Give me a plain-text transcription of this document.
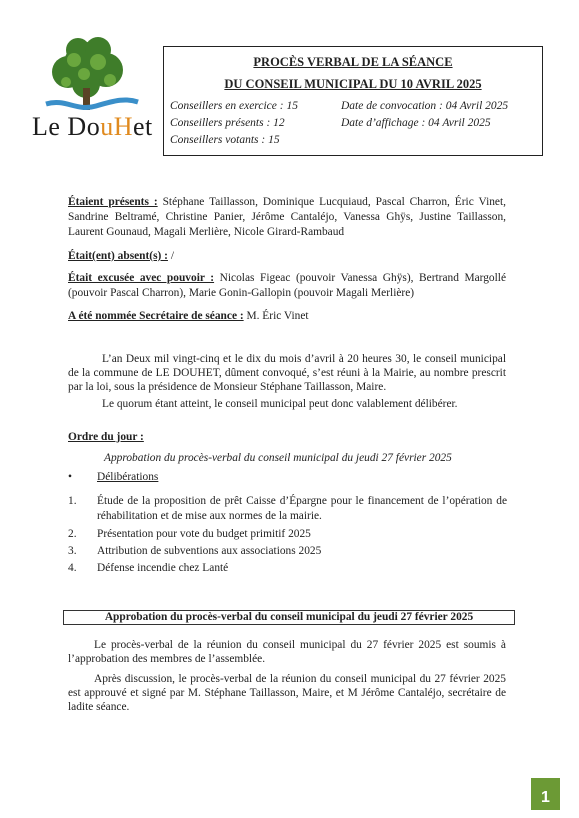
Le DouHet
PROCÈS VERBAL DE LA SÉANCE
DU CONSEIL MUNICIPAL DU 10 AVRIL 2025
Conseillers en exercice : 15
Conseillers présents : 12
Conseillers votants : 15
Date de convocation : 04 Avril 2025
Date d’affichage : 04 Avril 2025
Étaient présents : Stéphane Taillasson, Dominique Lucquiaud, Pascal Charron, Éric Vinet, Sandrine Beltramé, Christine Panier, Jérôme Cantaléjo, Vanessa Ghÿs, Justine Taillasson, Laurent Gounaud, Magali Merlière, Nicole Girard-Rambaud
Était(ent) absent(s) : /
Était excusée avec pouvoir : Nicolas Figeac (pouvoir Vanessa Ghÿs), Bertrand Margollé (pouvoir Pascal Charron), Marie Gonin-Gallopin (pouvoir Magali Merlière)
A été nommée Secrétaire de séance : M. Éric Vinet
L’an Deux mil vingt-cinq et le dix du mois d’avril à 20 heures 30, le conseil municipal de la commune de LE DOUHET, dûment convoqué, s’est réuni à la Mairie, au nombre prescrit par la loi, sous la présidence de Monsieur Stéphane Taillasson, Maire.
Le quorum étant atteint, le conseil municipal peut donc valablement délibérer.
Ordre du jour :
Approbation du procès-verbal du conseil municipal du jeudi 27 février 2025
• Délibérations
1. Étude de la proposition de prêt Caisse d’Épargne pour le financement de l’opération de réhabilitation et de mise aux normes de la mairie.
2. Présentation pour vote du budget primitif 2025
3. Attribution de subventions aux associations 2025
4. Défense incendie chez Lanté
Approbation du procès-verbal du conseil municipal du jeudi 27 février 2025
Le procès-verbal de la réunion du conseil municipal du 27 février 2025 est soumis à l’approbation des membres de l’assemblée.
Après discussion, le procès-verbal de la réunion du conseil municipal du 27 février 2025 est approuvé et signé par M. Stéphane Taillasson, Maire, et M Jérôme Cantaléjo, secrétaire de ladite séance.
1
